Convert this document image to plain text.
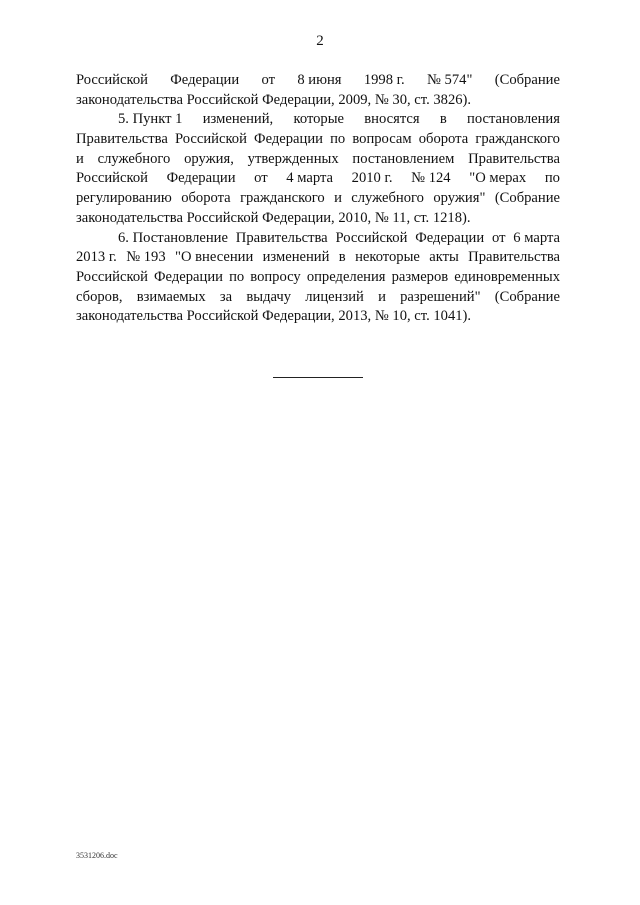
2
Российской Федерации от 8 июня 1998 г. № 574" (Собрание
законодательства Российской Федерации, 2009, № 30, ст. 3826).
5. Пункт 1 изменений, которые вносятся в постановления
Правительства Российской Федерации по вопросам оборота гражданского
и служебного оружия, утвержденных постановлением Правительства
Российской Федерации от 4 марта 2010 г. № 124 "О мерах по
регулированию оборота гражданского и служебного оружия" (Собрание
законодательства Российской Федерации, 2010, № 11, ст. 1218).
6. Постановление Правительства Российской Федерации от 6 марта
2013 г. № 193 "О внесении изменений в некоторые акты Правительства
Российской Федерации по вопросу определения размеров единовременных
сборов, взимаемых за выдачу лицензий и разрешений" (Собрание
законодательства Российской Федерации, 2013, № 10, ст. 1041).
3531206.doc
